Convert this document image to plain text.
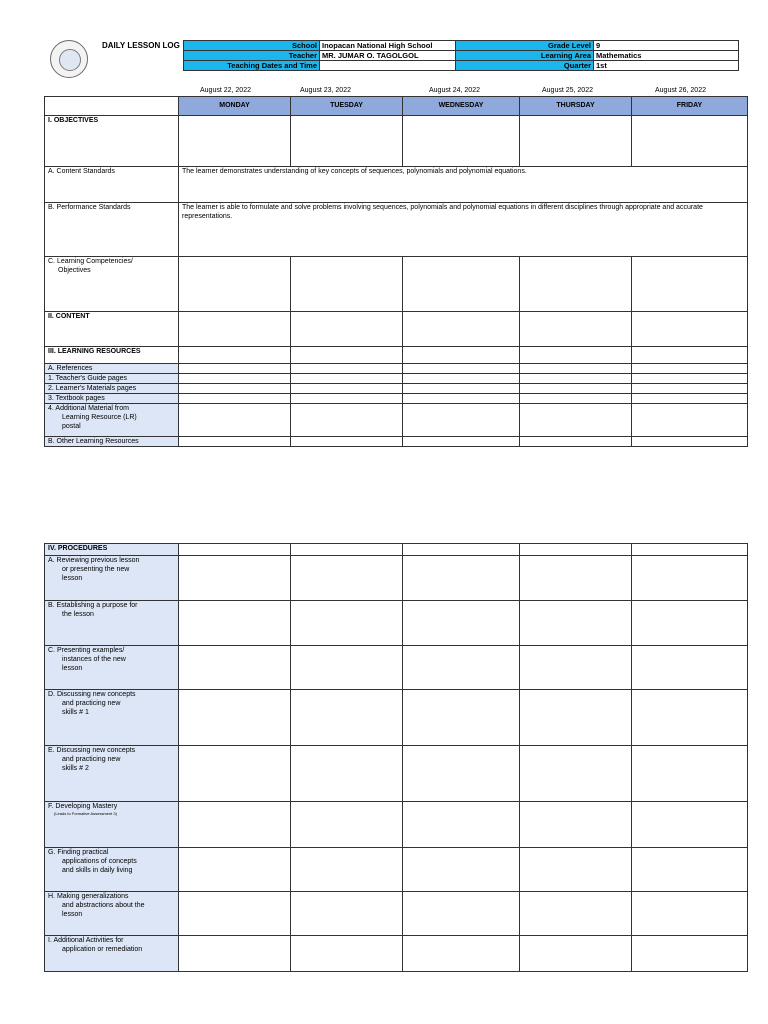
DAILY LESSON LOG	School	Inopacan National High School	Grade Level	9
Teacher	MR. JUMAR O. TAGOLGOL	Learning Area	Mathematics
Teaching Dates and Time		Quarter	1st
August 22, 2022	August 23, 2022	August 24, 2022	August 25, 2022	August 26, 2022
	MONDAY	TUESDAY	WEDNESDAY	THURSDAY	FRIDAY
I. OBJECTIVES					
A. Content Standards	The learner demonstrates understanding of key concepts of sequences, polynomials and polynomial equations.				
B. Performance Standards	The learner is able to formulate and solve problems involving sequences, polynomials and polynomial equations in different disciplines through appropriate and accurate representations.				
C. Learning Competencies/
Objectives					
II. CONTENT					
III. LEARNING RESOURCES					
A. References					
1. Teacher's Guide pages					
2. Learner's Materials pages					
3. Textbook pages					
4. Additional Material from
Learning Resource (LR)
postal					
B. Other Learning Resources					
IV. PROCEDURES					
A. Reviewing previous lesson
or presenting the new
lesson					
B. Establishing a purpose for
the lesson					
C. Presenting examples/
instances of the new
lesson					
D. Discussing new concepts
and practicing new
skills # 1					
E. Discussing new concepts
and practicing new
skills # 2					
F. Developing Mastery
(Leads to Formative Assessment 3)					

G. Finding practical
applications of concepts
and skills in daily living					
H. Making generalizations
and abstractions about the
lesson					
I. Additional Activities for
application or remediation					
